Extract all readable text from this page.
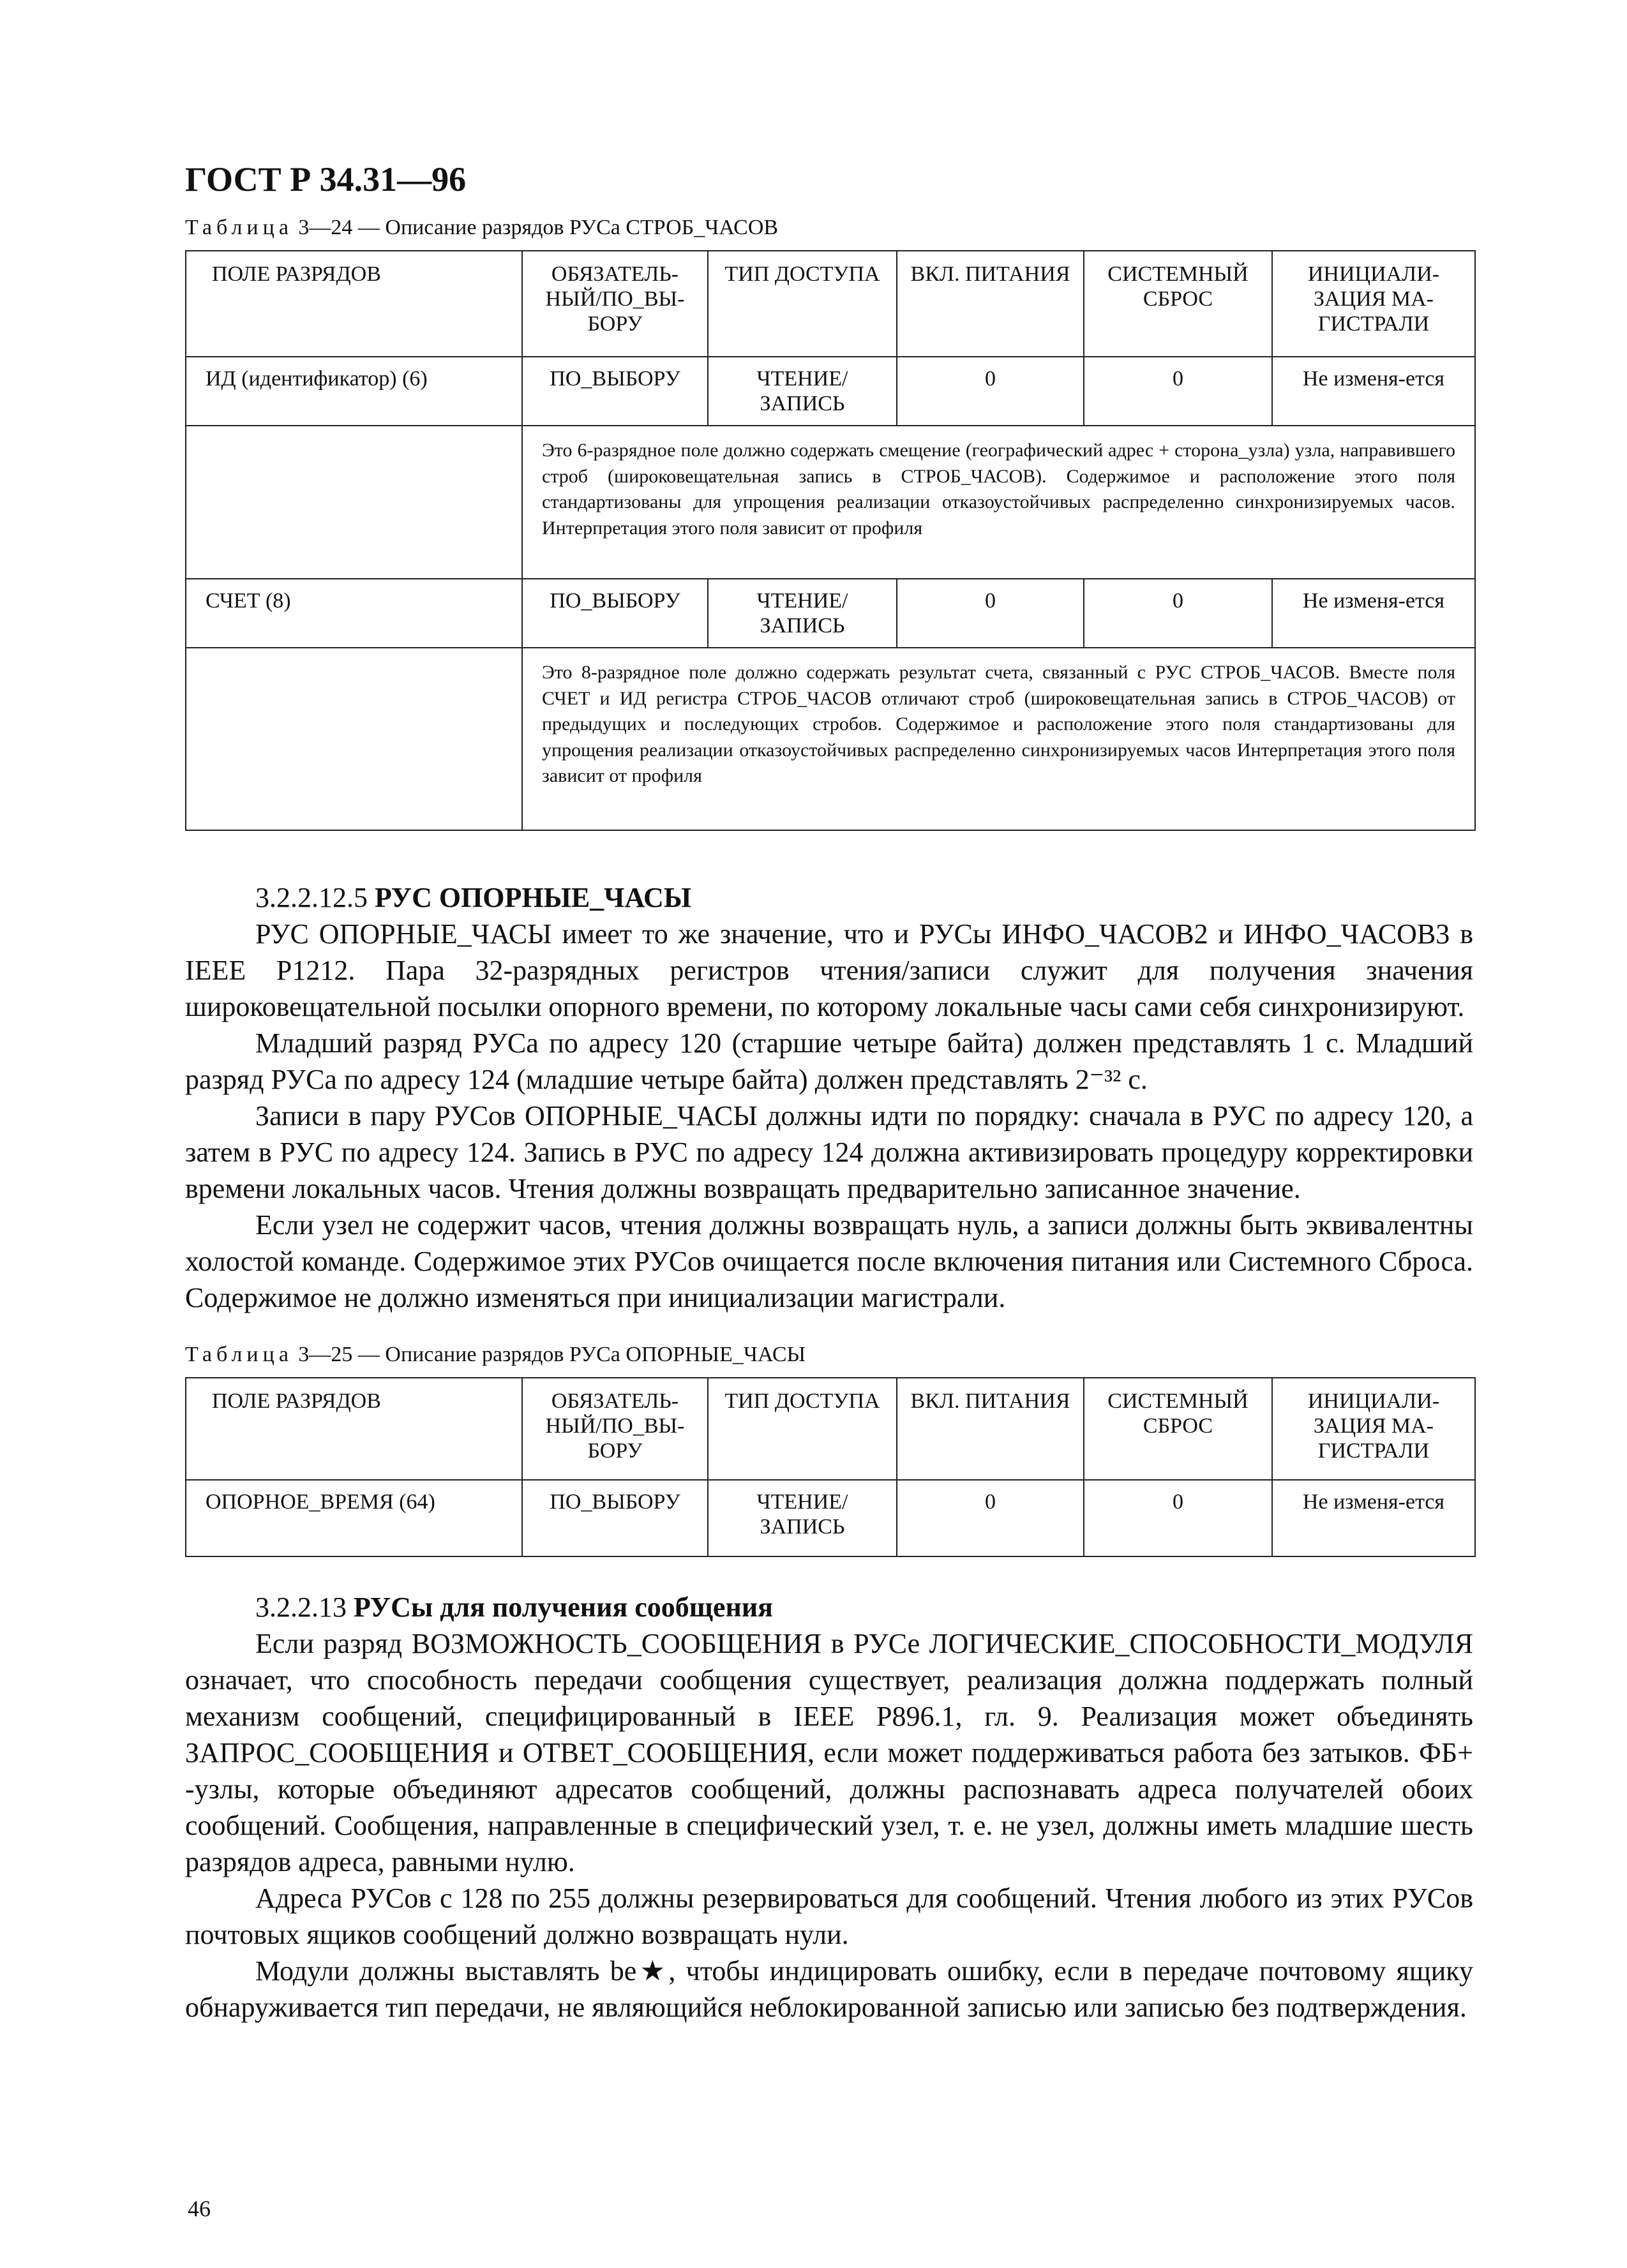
ГОСТ Р 34.31—96
Таблица 3—24 — Описание разрядов РУСа СТРОБ_ЧАСОВ
ПОЛЕ РАЗРЯДОВ	ОБЯЗАТЕЛЬ-НЫЙ/ПО_ВЫ-БОРУ	ТИП ДОСТУПА	ВКЛ. ПИТАНИЯ	СИСТЕМНЫЙ СБРОС	ИНИЦИАЛИ-ЗАЦИЯ МА-ГИСТРАЛИ
ИД (идентификатор) (6)	ПО_ВЫБОРУ	ЧТЕНИЕ/ ЗАПИСЬ	0	0	Не изменя-ется
	Это 6-разрядное поле должно содержать смещение (географический адрес + сторона_узла) узла, направившего строб (широковещательная запись в СТРОБ_ЧАСОВ). Содержимое и расположение этого поля стандартизованы для упрощения реализации отказоустойчивых распределенно синхронизируемых часов. Интерпретация этого поля зависит от профиля				
СЧЕТ (8)	ПО_ВЫБОРУ	ЧТЕНИЕ/ ЗАПИСЬ	0	0	Не изменя-ется
	Это 8-разрядное поле должно содержать результат счета, связанный с РУС СТРОБ_ЧАСОВ. Вместе поля СЧЕТ и ИД регистра СТРОБ_ЧАСОВ отличают строб (широковещательная запись в СТРОБ_ЧАСОВ) от предыдущих и последующих стробов. Содержимое и расположение этого поля стандартизованы для упрощения реализации отказоустойчивых распределенно синхронизируемых часов Интерпретация этого поля зависит от профиля				

3.2.2.12.5 РУС ОПОРНЫЕ_ЧАСЫ

РУС ОПОРНЫЕ_ЧАСЫ имеет то же значение, что и РУСы ИНФО_ЧАСОВ2 и ИНФО_ЧАСОВ3 в IEEE P1212. Пара 32-разрядных регистров чтения/записи служит для получения значения широковещательной посылки опорного времени, по которому локальные часы сами себя синхронизируют.

Младший разряд РУСа по адресу 120 (старшие четыре байта) должен представлять 1 с. Младший разряд РУСа по адресу 124 (младшие четыре байта) должен представлять 2⁻³² с.

Записи в пару РУСов ОПОРНЫЕ_ЧАСЫ должны идти по порядку: сначала в РУС по адресу 120, а затем в РУС по адресу 124. Запись в РУС по адресу 124 должна активизировать процедуру корректировки времени локальных часов. Чтения должны возвращать предварительно записанное значение.

Если узел не содержит часов, чтения должны возвращать нуль, а записи должны быть эквивалентны холостой команде. Содержимое этих РУСов очищается после включения питания или Системного Сброса. Содержимое не должно изменяться при инициализации магистрали.

Таблица 3—25 — Описание разрядов РУСа ОПОРНЫЕ_ЧАСЫ
ПОЛЕ РАЗРЯДОВ	ОБЯЗАТЕЛЬ-НЫЙ/ПО_ВЫ-БОРУ	ТИП ДОСТУПА	ВКЛ. ПИТАНИЯ	СИСТЕМНЫЙ СБРОС	ИНИЦИАЛИ-ЗАЦИЯ МА-ГИСТРАЛИ
ОПОРНОЕ_ВРЕМЯ (64)	ПО_ВЫБОРУ	ЧТЕНИЕ/ ЗАПИСЬ	0	0	Не изменя-ется

3.2.2.13 РУСы для получения сообщения

Если разряд ВОЗМОЖНОСТЬ_СООБЩЕНИЯ в РУСе ЛОГИЧЕСКИЕ_СПОСОБНОСТИ_МОДУЛЯ означает, что способность передачи сообщения существует, реализация должна поддержать полный механизм сообщений, специфицированный в IEEE P896.1, гл. 9. Реализация может объединять ЗАПРОС_СООБЩЕНИЯ и ОТВЕТ_СООБЩЕНИЯ, если может поддерживаться работа без затыков. ФБ+ -узлы, которые объединяют адресатов сообщений, должны распознавать адреса получателей обоих сообщений. Сообщения, направленные в специфический узел, т. е. не узел, должны иметь младшие шесть разрядов адреса, равными нулю.

Адреса РУСов с 128 по 255 должны резервироваться для сообщений. Чтения любого из этих РУСов почтовых ящиков сообщений должно возвращать нули.

Модули должны выставлять be★, чтобы индицировать ошибку, если в передаче почтовому ящику обнаруживается тип передачи, не являющийся неблокированной записью или записью без подтверждения.

46
